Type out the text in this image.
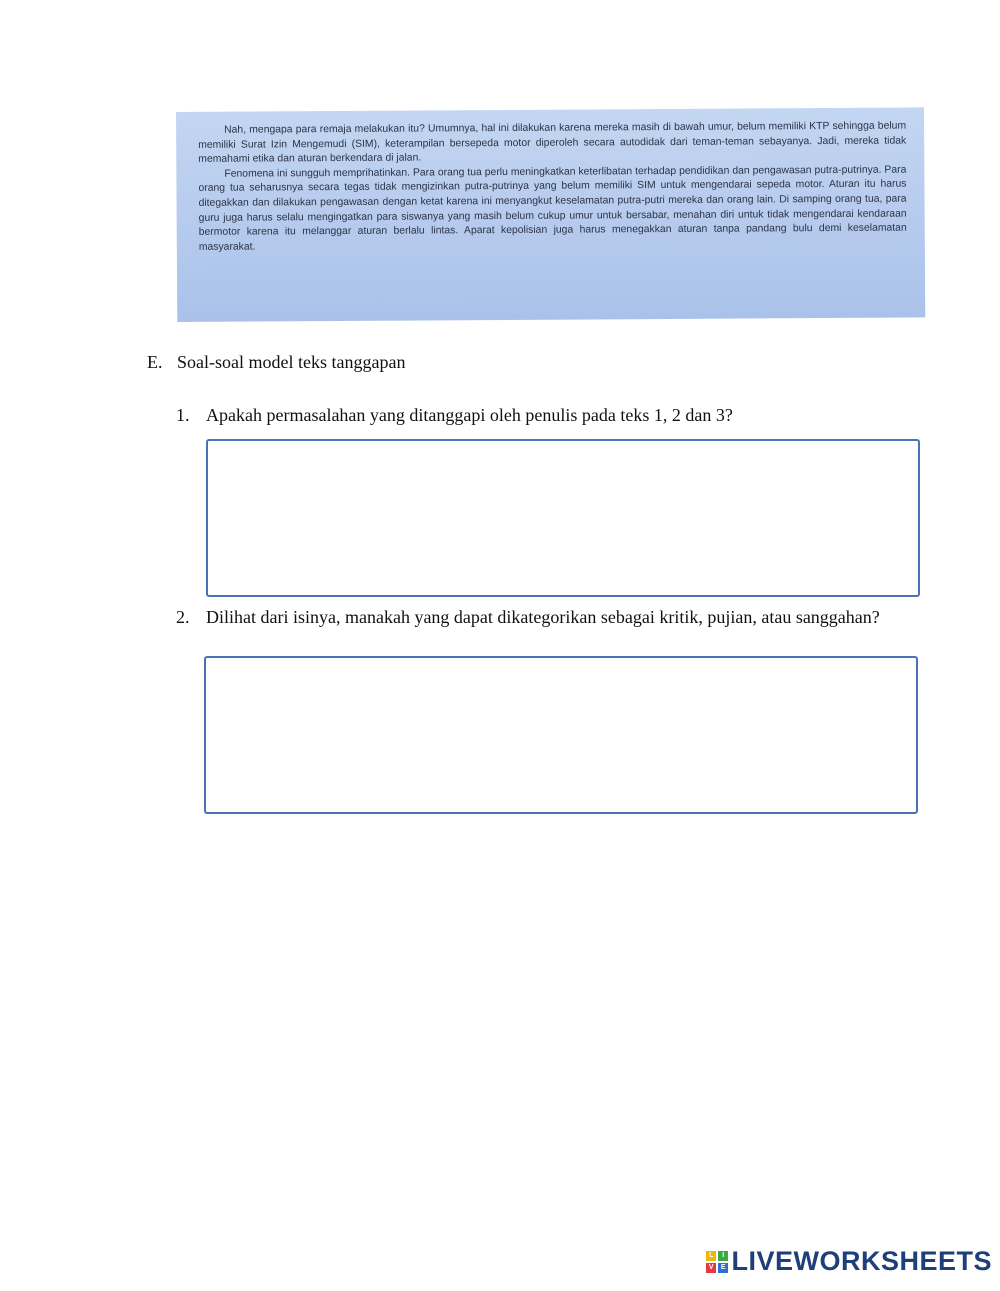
Nah, mengapa para remaja melakukan itu? Umumnya, hal ini dilakukan karena mereka masih di bawah umur, belum memiliki KTP sehingga belum memiliki Surat Izin Mengemudi (SIM), keterampilan bersepeda motor diperoleh secara autodidak dari teman-teman sebayanya. Jadi, mereka tidak memahami etika dan aturan berkendara di jalan.

Fenomena ini sungguh memprihatinkan. Para orang tua perlu meningkatkan keterlibatan terhadap pendidikan dan pengawasan putra-putrinya. Para orang tua seharusnya secara tegas tidak mengizinkan putra-putrinya yang belum memiliki SIM untuk mengendarai sepeda motor. Aturan itu harus ditegakkan dan dilakukan pengawasan dengan ketat karena ini menyangkut keselamatan putra-putri mereka dan orang lain. Di samping orang tua, para guru juga harus selalu mengingatkan para siswanya yang masih belum cukup umur untuk bersabar, menahan diri untuk tidak mengendarai kendaraan bermotor karena itu melanggar aturan berlalu lintas. Aparat kepolisian juga harus menegakkan aturan tanpa pandang bulu demi keselamatan masyarakat.

E. Soal-soal model teks tanggapan
1. Apakah permasalahan yang ditanggapi oleh penulis pada teks 1, 2 dan 3?
2. Dilihat dari isinya, manakah yang dapat dikategorikan sebagai kritik, pujian, atau sanggahan?
L	I
V E LIVEWORKSHEETS
